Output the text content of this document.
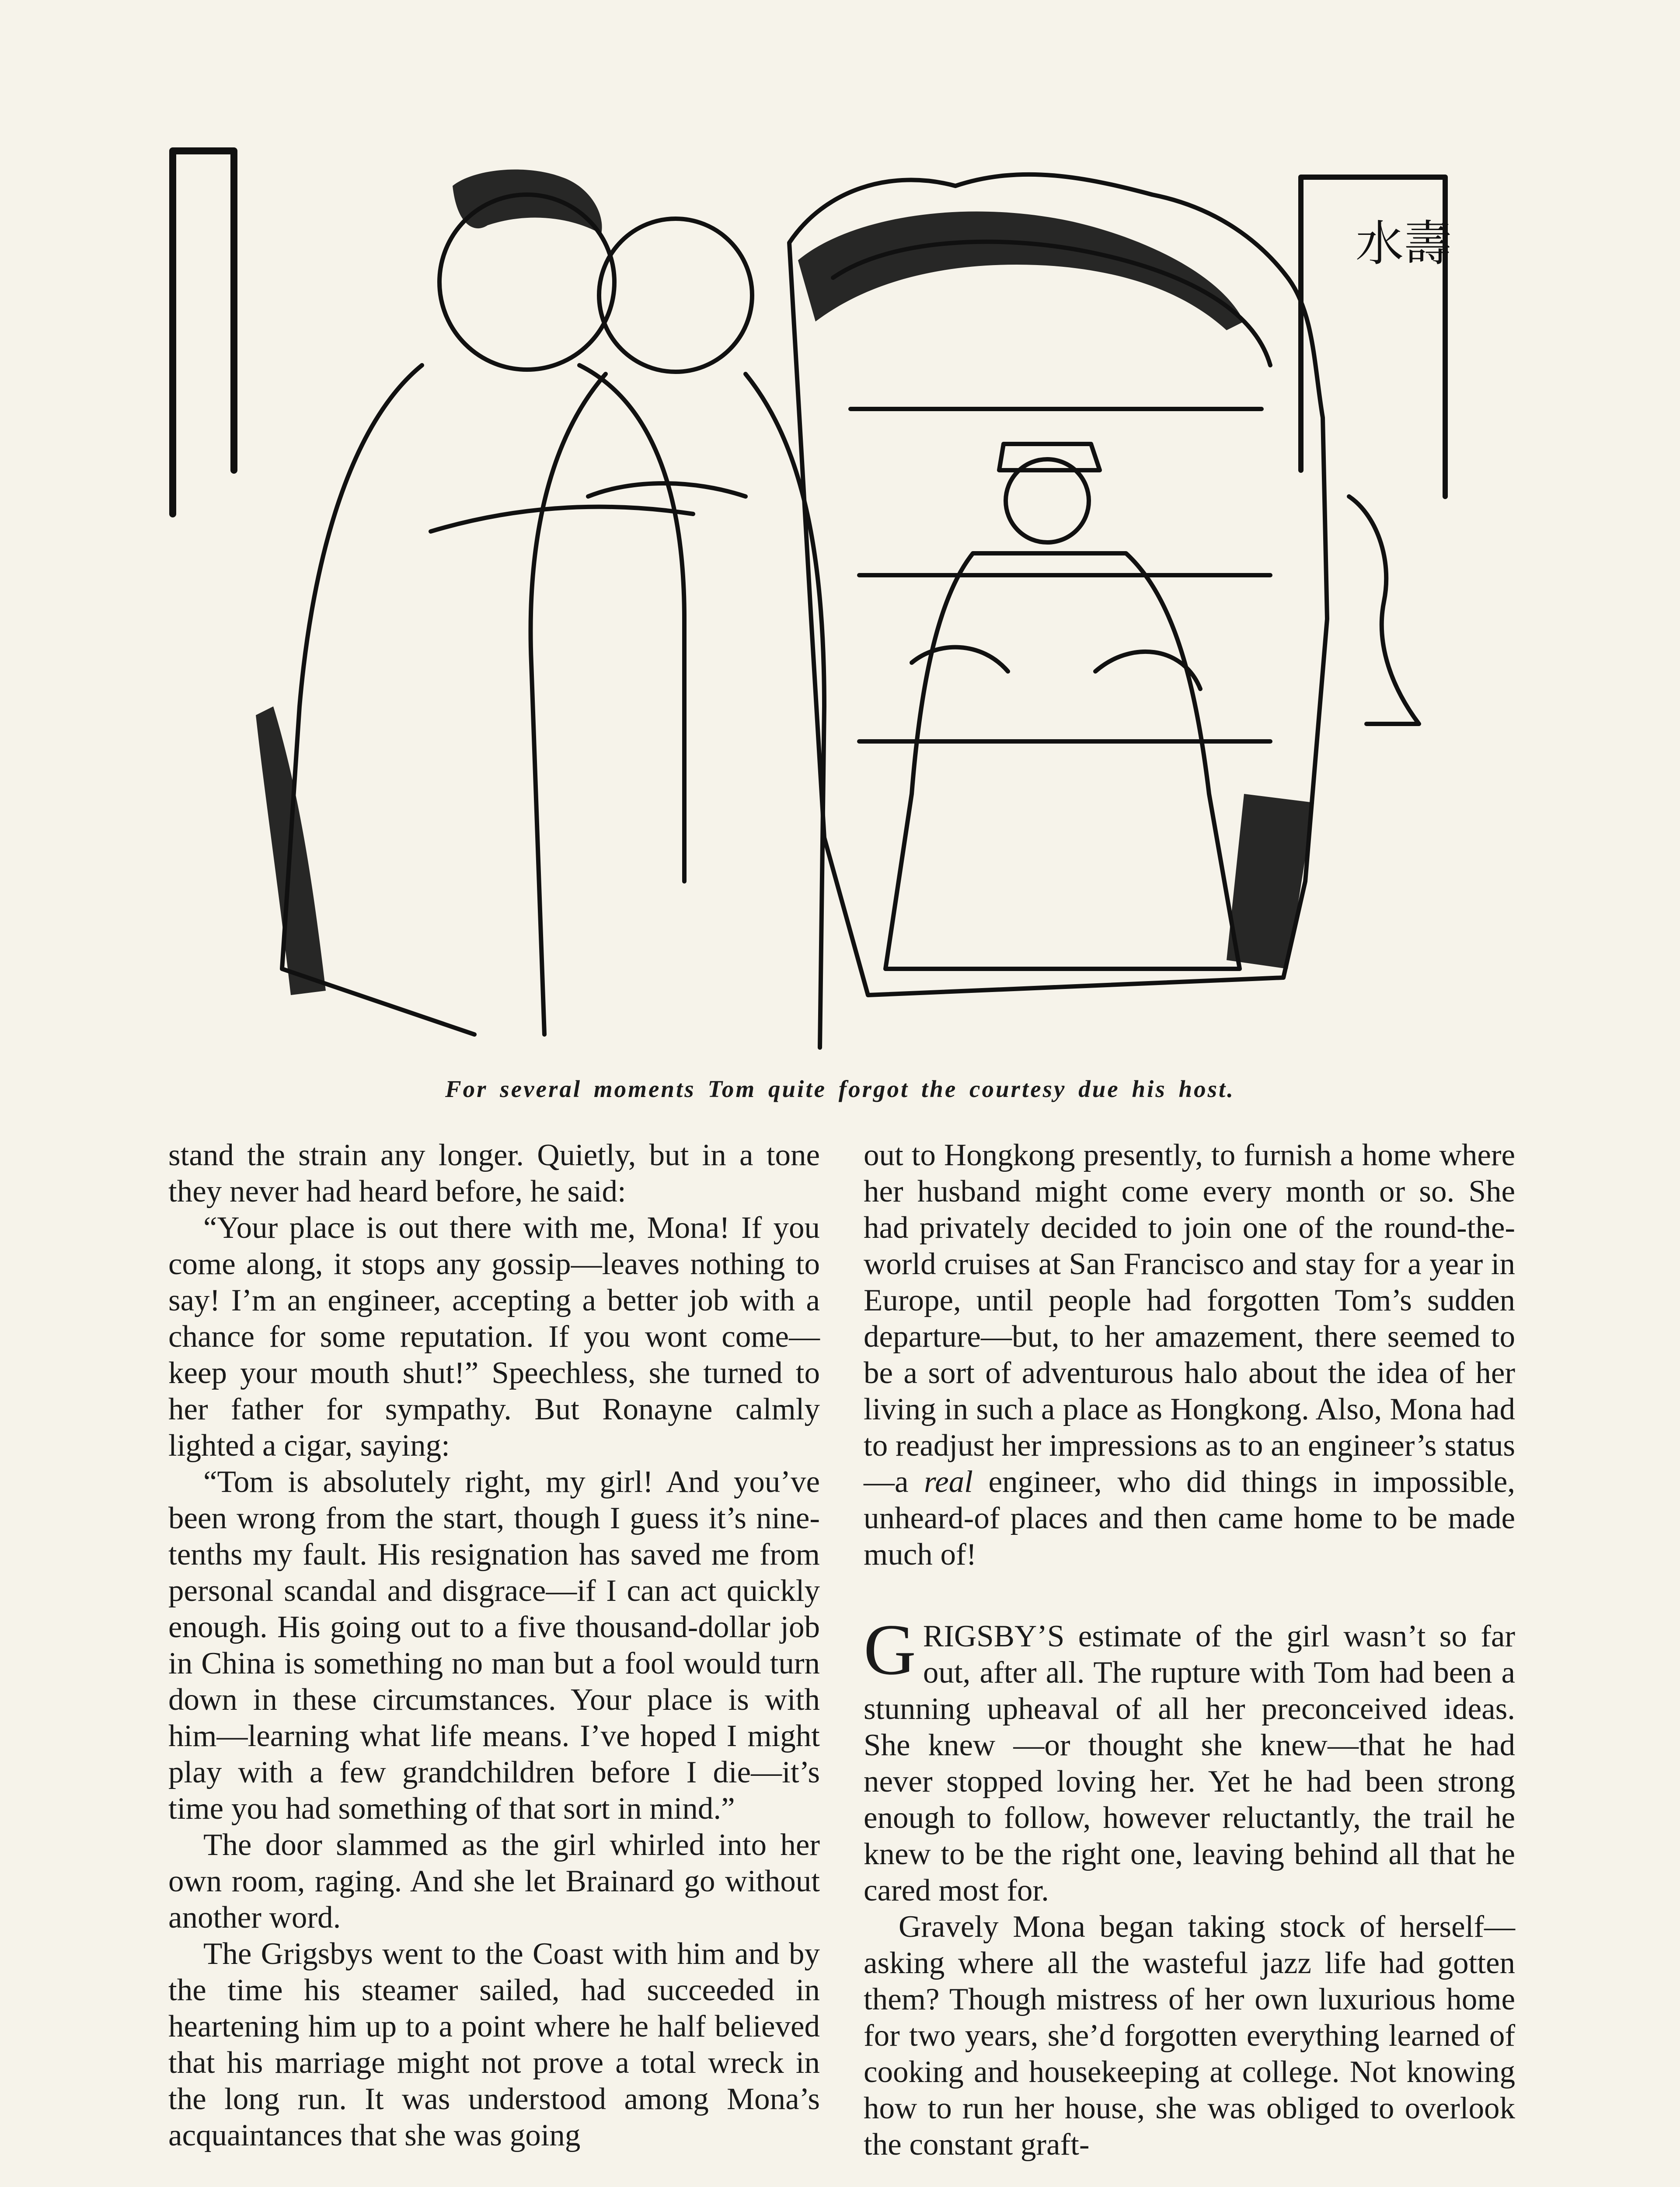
水壽
For several moments Tom quite forgot the courtesy due his host.

stand the strain any longer. Quietly, but in a tone they never had heard before, he said:

“Your place is out there with me, Mona! If you come along, it stops any gossip—leaves nothing to say! I’m an engineer, accepting a better job with a chance for some reputation. If you wont come—keep your mouth shut!” Speechless, she turned to her father for sympathy. But Ronayne calmly lighted a cigar, saying:

“Tom is absolutely right, my girl! And you’ve been wrong from the start, though I guess it’s nine-tenths my fault. His resignation has saved me from personal scandal and disgrace—if I can act quickly enough. His going out to a five thousand-dollar job in China is something no man but a fool would turn down in these circumstances. Your place is with him—learning what life means. I’ve hoped I might play with a few grandchildren before I die—it’s time you had something of that sort in mind.”

The door slammed as the girl whirled into her own room, raging. And she let Brainard go without another word.

The Grigsbys went to the Coast with him and by the time his steamer sailed, had succeeded in heartening him up to a point where he half believed that his marriage might not prove a total wreck in the long run. It was understood among Mona’s acquaintances that she was going

out to Hongkong presently, to furnish a home where her husband might come every month or so. She had privately decided to join one of the round-the-world cruises at San Francisco and stay for a year in Europe, until people had forgotten Tom’s sudden departure—but, to her amazement, there seemed to be a sort of adventurous halo about the idea of her living in such a place as Hongkong. Also, Mona had to readjust her impressions as to an engineer’s status—a real engineer, who did things in impossible, unheard-of places and then came home to be made much of!

GRIGSBY’S estimate of the girl wasn’t so far out, after all. The rupture with Tom had been a stunning upheaval of all her preconceived ideas. She knew —or thought she knew—that he had never stopped loving her. Yet he had been strong enough to follow, however reluctantly, the trail he knew to be the right one, leaving behind all that he cared most for.

Gravely Mona began taking stock of herself—asking where all the wasteful jazz life had gotten them? Though mistress of her own luxurious home for two years, she’d forgotten everything learned of cooking and housekeeping at college. Not knowing how to run her house, she was obliged to overlook the constant graft-
